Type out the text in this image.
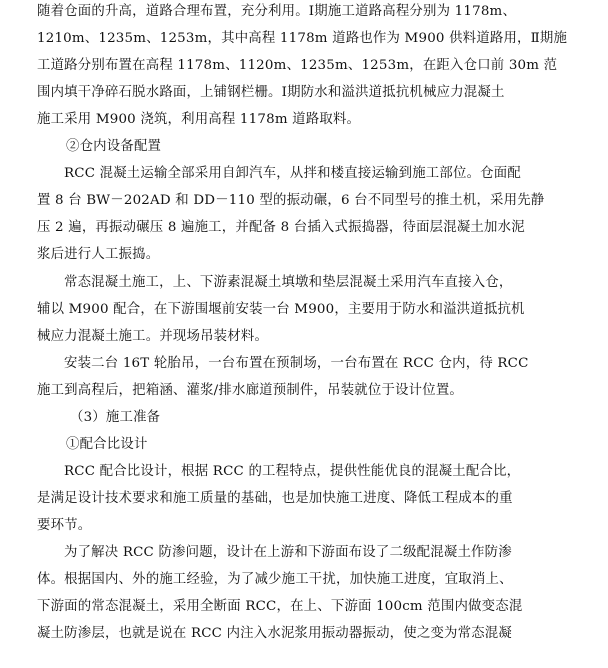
随着仓面的升高，道路合理布置，充分利用。Ⅰ期施工道路高程分别为 1178m、
1210m、1235m、1253m，其中高程 1178m 道路也作为 M900 供料道路用，Ⅱ期施
工道路分别布置在高程 1178m、1120m、1235m、1253m，在距入仓口前 30m 范
围内填干净碎石脱水路面，上铺钢栏栅。Ⅰ期防水和溢洪道抵抗机械应力混凝土
施工采用 M900 浇筑，利用高程 1178m 道路取料。
②仓内设备配置
RCC 混凝土运输全部采用自卸汽车，从拌和楼直接运输到施工部位。仓面配
置 8 台 BW－202AD 和 DD－110 型的振动碾，6 台不同型号的推土机，采用先静
压 2 遍，再振动碾压 8 遍施工，并配备 8 台插入式振捣器，待面层混凝土加水泥
浆后进行人工振捣。
常态混凝土施工，上、下游素混凝土填墩和垫层混凝土采用汽车直接入仓，
辅以 M900 配合，在下游围堰前安装一台 M900，主要用于防水和溢洪道抵抗机
械应力混凝土施工。并现场吊装材料。
安装二台 16T 轮胎吊，一台布置在预制场，一台布置在 RCC 仓内，待 RCC
施工到高程后，把箱涵、灌浆/排水廊道预制件，吊装就位于设计位置。
（3）施工准备
①配合比设计
RCC 配合比设计，根据 RCC 的工程特点，提供性能优良的混凝土配合比，
是满足设计技术要求和施工质量的基础，也是加快施工进度、降低工程成本的重
要环节。
为了解决 RCC 防渗问题，设计在上游和下游面布设了二级配混凝土作防渗
体。根据国内、外的施工经验，为了减少施工干扰，加快施工进度，宜取消上、
下游面的常态混凝土，采用全断面 RCC，在上、下游面 100cm 范围内做变态混
凝土防渗层，也就是说在 RCC 内注入水泥浆用振动器振动，使之变为常态混凝
